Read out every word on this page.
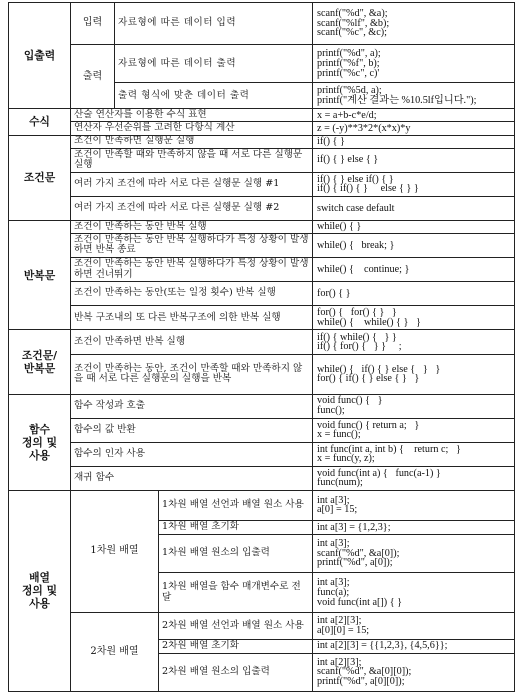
입출력	입력	자료형에 따른 데이터 입력		scanf("%d", &a);
scanf("%lf", &b);
scanf("%c", &c);
	출력	자료형에 따른 데이터 출력		printf("%d", a);
printf("%f", b);
printf("%c", c)'
		출력 형식에 맞춘 데이터 출력		printf("%5d, a);
printf("계산 결과는 %10.5lf입니다.");
수식	산술 연산자를 이용한 수식 표현			x = a+b-c*e/d;
	연산자 우선순위를 고려한 다항식 계산			z = (-y)**3*2*(x*x)*y
조건문	조건이 만족하면 실행문 실행			if() { }
	조건이 만족할 때와 만족하지 않을 때 서로 다른 실행문 실행			if() { } else { }
	여러 가지 조건에 따라 서로 다른 실행문 실행 #1			if() { } else if() { }
if() { if() { }     else { } }
	여러 가지 조건에 따라 서로 다른 실행문 실행 #2			switch case default
반복문	조건이 만족하는 동안 반복 실행			while() { }
	조건이 만족하는 동안 반복 실행하다가 특정 상황이 발생하면 반복 종료			while() {   break; }
	조건이 만족하는 동안 반복 실행하다가 특정 상황이 발생하면 건너뛰기			while() {    continue; }
	조건이 만족하는 동안(또는 일정 횟수) 반복 실행			for() { }
	반복 구조내의 또 다른 반복구조에 의한 반복 실행			for() {   for() { }   }
while() {    while() { }   }
조건문/
반복문	조건이 만족하면 반복 실행			if() { while() {   } }
if() { for() {   } }     ;
	조건이 만족하는 동안, 조건이 만족할 때와 만족하지 않을 때 서로 다른 실행문의 실행을 반복			while() {   if() { } else {   }   }
for() { if() { } else { }   }
함수
정의 및
사용	함수 작성과 호출			void func() {   }
func();
	함수의 값 반환			void func() { return a;   }
x = func();
	함수의 인자 사용			int func(int a, int b) {    return c;   }
x = func(y, z);
	재귀 함수			void func(int a) {   func(a-1) }
func(num);
배열
정의 및
사용	1차원 배열		1차원 배열 선언과 배열 원소 사용	int a[3];
a[0] = 15;
			1차원 배열 초기화	int a[3] = {1,2,3};
			1차원 배열 원소의 입출력	int a[3];
scanf("%d", &a[0]);
printf("%d", a[0]);
			1차원 배열을 함수 매개변수로 전달	int a[3];
func(a);
void func(int a[]) { }
	2차원 배열		2차원 배열 선언과 배열 원소 사용	int a[2][3];
a[0][0] = 15;
			2차원 배열 초기화	int a[2][3] = {{1,2,3}, {4,5,6}};
			2차원 배열 원소의 입출력	int a[2][3];
scanf("%d", &a[0][0]);
printf("%d", a[0][0]);
